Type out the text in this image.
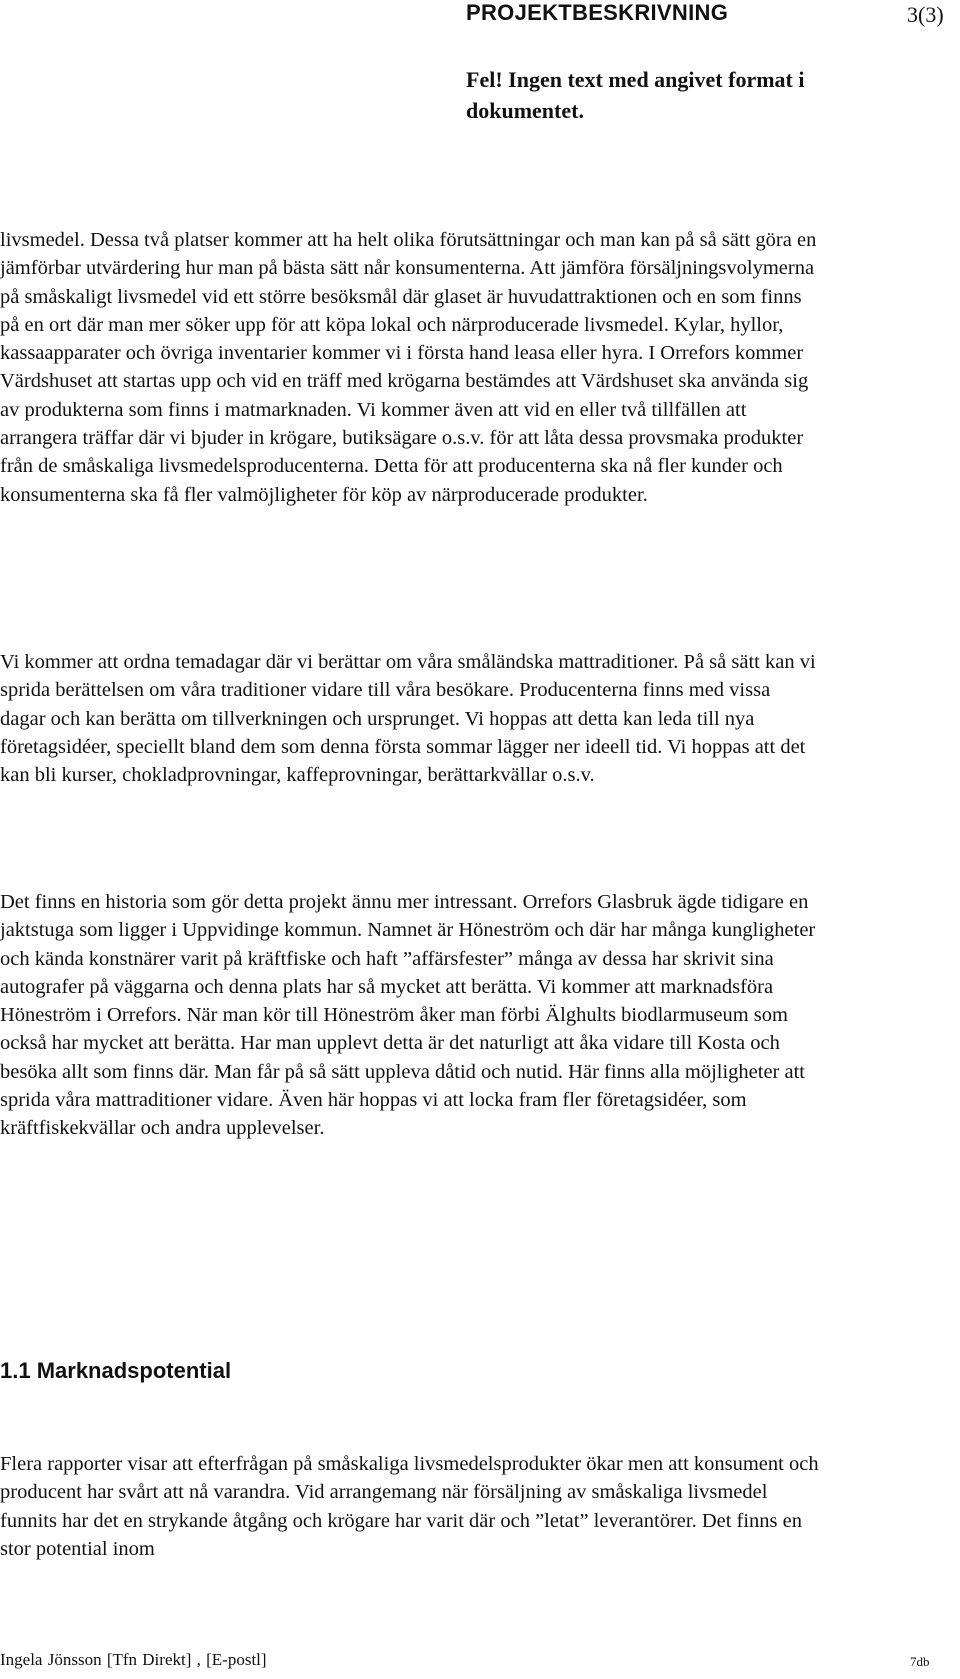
PROJEKTBESKRIVNING	3(3)

Fel! Ingen text med angivet format i dokumentet.

livsmedel. Dessa två platser kommer att ha helt olika förutsättningar och man kan på så sätt göra en jämförbar utvärdering hur man på bästa sätt når konsumenterna. Att jämföra försäljningsvolymerna på småskaligt livsmedel vid ett större besöksmål där glaset är huvudattraktionen och en som finns på en ort där man mer söker upp för att köpa lokal och närproducerade livsmedel. Kylar, hyllor, kassaapparater och övriga inventarier kommer vi i första hand leasa eller hyra. I Orrefors kommer Värdshuset att startas upp och vid en träff med krögarna bestämdes att Värdshuset ska använda sig av produkterna som finns i matmarknaden. Vi kommer även att vid en eller två tillfällen att arrangera träffar där vi bjuder in krögare, butiksägare o.s.v. för att låta dessa provsmaka produkter från de småskaliga livsmedelsproducenterna. Detta för att producenterna ska nå fler kunder och konsumenterna ska få fler valmöjligheter för köp av närproducerade produkter.

Vi kommer att ordna temadagar där vi berättar om våra småländska mattraditioner. På så sätt kan vi sprida berättelsen om våra traditioner vidare till våra besökare. Producenterna finns med vissa dagar och kan berätta om tillverkningen och ursprunget. Vi hoppas att detta kan leda till nya företagsidéer, speciellt bland dem som denna första sommar lägger ner ideell tid. Vi hoppas att det kan bli kurser, chokladprovningar, kaffeprovningar, berättarkvällar o.s.v.

Det finns en historia som gör detta projekt ännu mer intressant. Orrefors Glasbruk ägde tidigare en jaktstuga som ligger i Uppvidinge kommun. Namnet är Höneström och där har många kungligheter och kända konstnärer varit på kräftfiske och haft ”affärsfester” många av dessa har skrivit sina autografer på väggarna och denna plats har så mycket att berätta. Vi kommer att marknadsföra Höneström i Orrefors. När man kör till Höneström åker man förbi Älghults biodlarmuseum som också har mycket att berätta. Har man upplevt detta är det naturligt att åka vidare till Kosta och besöka allt som finns där. Man får på så sätt uppleva dåtid och nutid. Här finns alla möjligheter att sprida våra mattraditioner vidare. Även här hoppas vi att locka fram fler företagsidéer, som kräftfiskekvällar och andra upplevelser.

1.1 Marknadspotential

Flera rapporter visar att efterfrågan på småskaliga livsmedelsprodukter ökar men att konsument och producent har svårt att nå varandra. Vid arrangemang när försäljning av småskaliga livsmedel funnits har det en strykande åtgång och krögare har varit där och ”letat” leverantörer. Det finns en stor potential inom

Ingela Jönsson [Tfn Direkt] , [E-postl]	7db
